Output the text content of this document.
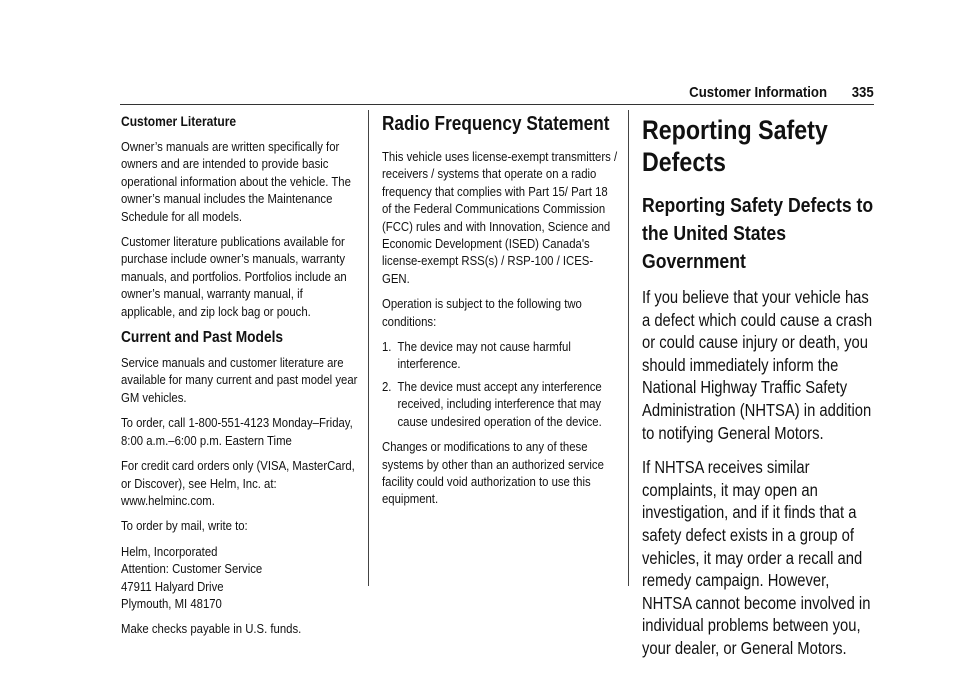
Customer Information 335
Customer Literature

Owner’s manuals are written specifically for owners and are intended to provide basic operational information about the vehicle. The owner’s manual includes the Maintenance Schedule for all models.

Customer literature publications available for purchase include owner’s manuals, warranty manuals, and portfolios. Portfolios include an owner’s manual, warranty manual, if applicable, and zip lock bag or pouch.

Current and Past Models

Service manuals and customer literature are available for many current and past model year GM vehicles.

To order, call 1-800-551-4123 Monday–Friday, 8:00 a.m.–6:00 p.m. Eastern Time

For credit card orders only (VISA, MasterCard, or Discover), see Helm, Inc. at: www.helminc.com.

To order by mail, write to:

Helm, Incorporated
Attention: Customer Service
47911 Halyard Drive
Plymouth, MI 48170

Make checks payable in U.S. funds.

Radio Frequency Statement

This vehicle uses license-exempt transmitters / receivers / systems that operate on a radio frequency that complies with Part 15/ Part 18 of the Federal Communications Commission (FCC) rules and with Innovation, Science and Economic Development (ISED) Canada's license-exempt RSS(s) / RSP-100 / ICES-GEN.

Operation is subject to the following two conditions:

1. The device may not cause harmful interference.
2. The device must accept any interference received, including interference that may cause undesired operation of the device.

Changes or modifications to any of these systems by other than an authorized service facility could void authorization to use this equipment.

Reporting Safety Defects
Reporting Safety Defects to the United States Government

If you believe that your vehicle has a defect which could cause a crash or could cause injury or death, you should immediately inform the National Highway Traffic Safety Administration (NHTSA) in addition to notifying General Motors.

If NHTSA receives similar complaints, it may open an investigation, and if it finds that a safety defect exists in a group of vehicles, it may order a recall and remedy campaign. However, NHTSA cannot become involved in individual problems between you, your dealer, or General Motors.
